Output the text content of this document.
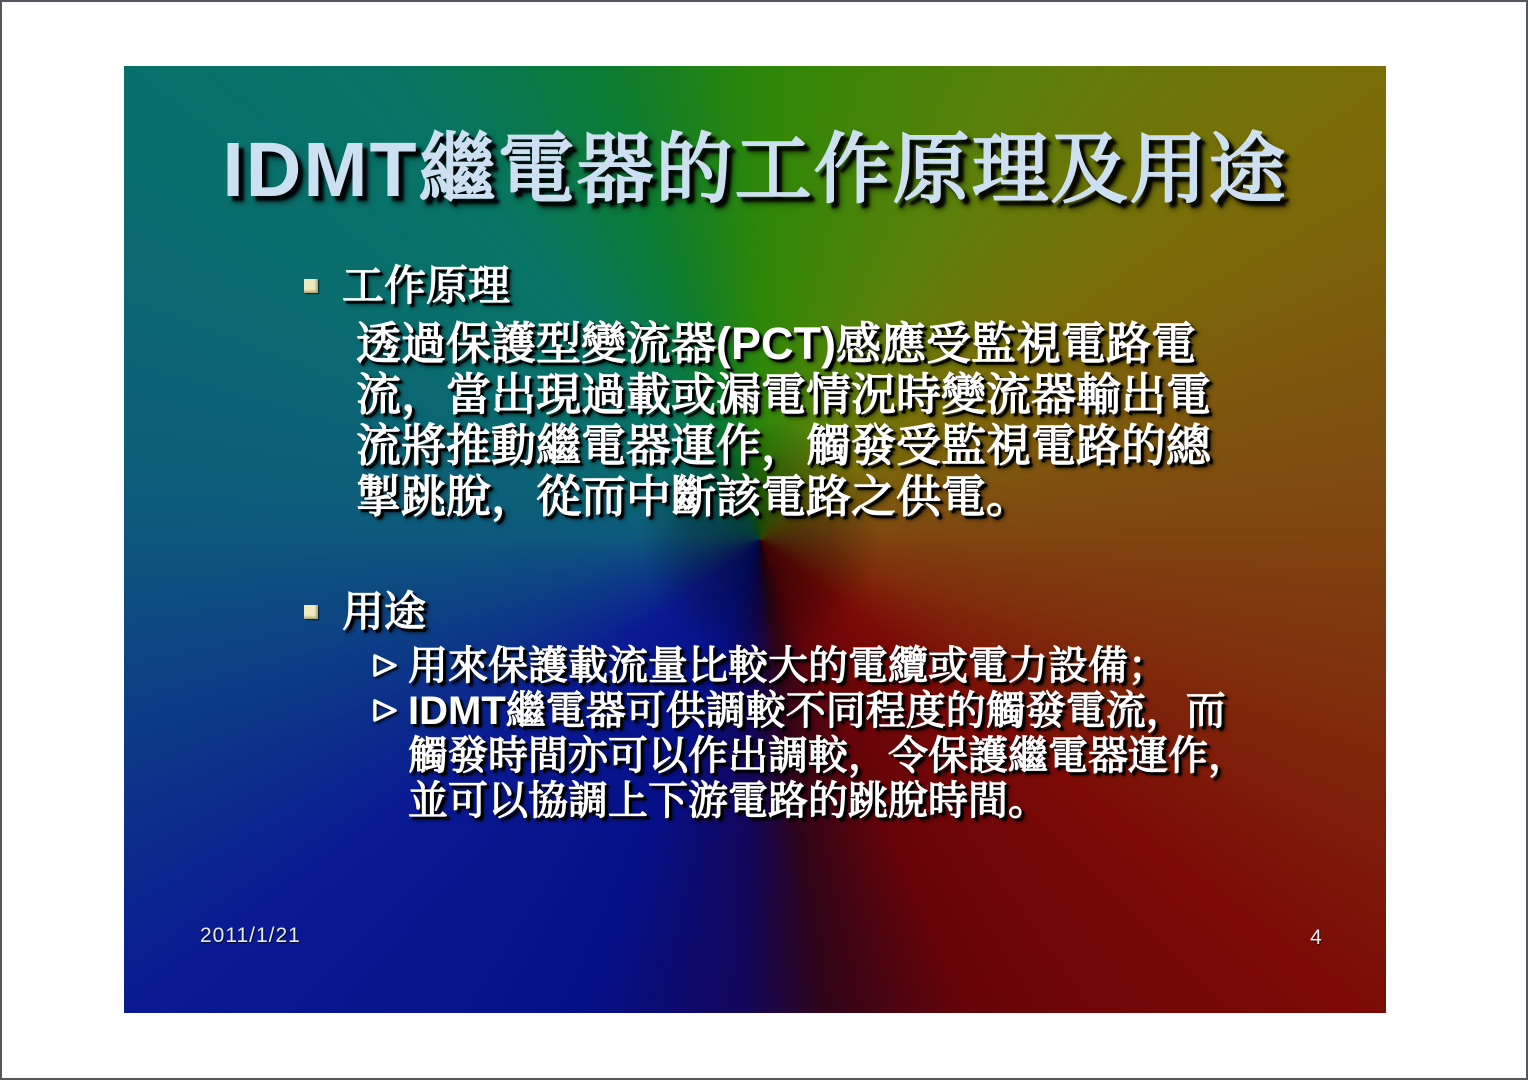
IDMT繼電器的工作原理及用途
工作原理
透過保護型變流器(PCT)感應受監視電路電
流，當出現過載或漏電情況時變流器輸出電
流將推動繼電器運作，觸發受監視電路的總
掣跳脫，從而中斷該電路之供電。
用途
用來保護載流量比較大的電纜或電力設備；
IDMT繼電器可供調較不同程度的觸發電流，而
觸發時間亦可以作出調較，令保護繼電器運作，
並可以協調上下游電路的跳脫時間。
2011/1/21	4
